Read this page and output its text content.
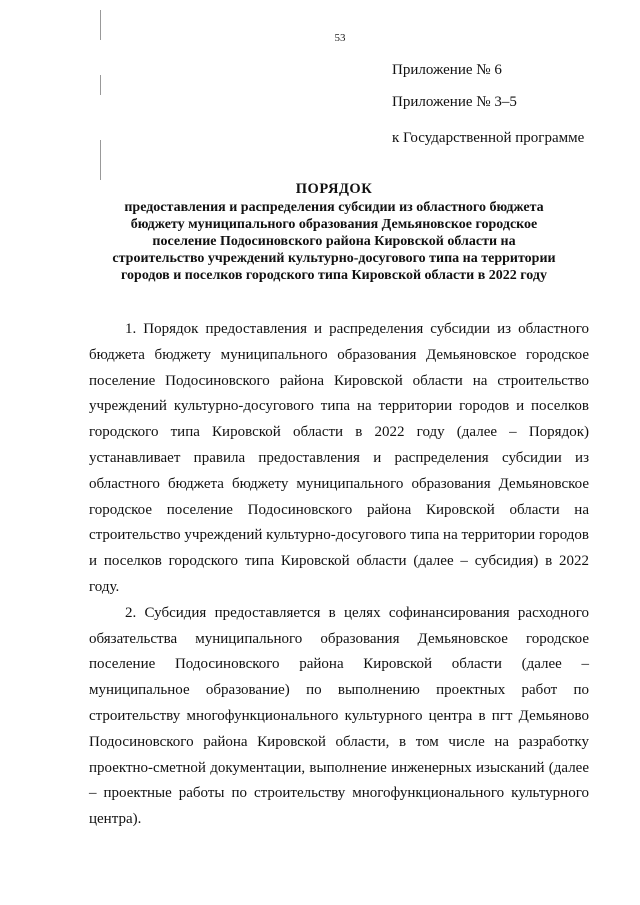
53
Приложение № 6
Приложение № 3–5
к Государственной программе
ПОРЯДОК
предоставления и распределения субсидии из областного бюджета
бюджету муниципального образования Демьяновское городское
поселение Подосиновского района Кировской области на
строительство учреждений культурно-досугового типа на территории
городов и поселков городского типа Кировской области в 2022 году

1. Порядок предоставления и распределения субсидии из областного бюджета бюджету муниципального образования Демьяновское городское поселение Подосиновского района Кировской области на строительство учреждений культурно-досугового типа на территории городов и поселков городского типа Кировской области в 2022 году (далее – Порядок) устанавливает правила предоставления и распределения субсидии из областного бюджета бюджету муниципального образования Демьяновское городское поселение Подосиновского района Кировской области на строительство учреждений культурно-досугового типа на территории городов и поселков городского типа Кировской области (далее – субсидия) в 2022 году.

2. Субсидия предоставляется в целях софинансирования расходного обязательства муниципального образования Демьяновское городское поселение Подосиновского района Кировской области (далее – муниципальное образование) по выполнению проектных работ по строительству многофункционального культурного центра в пгт Демьяново Подосиновского района Кировской области, в том числе на разработку проектно-сметной документации, выполнение инженерных изысканий (далее – проектные работы по строительству многофункционального культурного центра).
